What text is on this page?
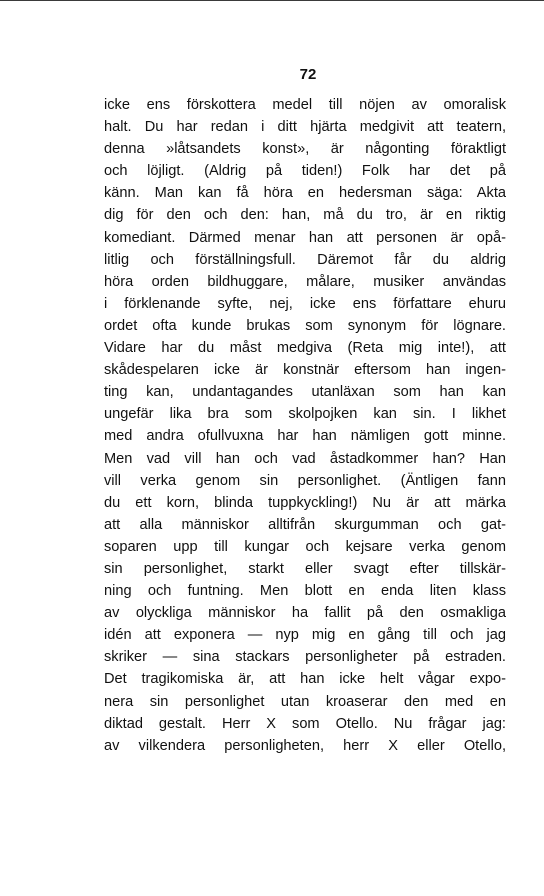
72
icke ens förskottera medel till nöjen av omoralisk
halt. Du har redan i ditt hjärta medgivit att teatern,
denna »låtsandets konst», är någonting föraktligt
och löjligt. (Aldrig på tiden!) Folk har det på
känn. Man kan få höra en hedersman säga: Akta
dig för den och den: han, må du tro, är en riktig
komediant. Därmed menar han att personen är opå-
litlig och förställningsfull. Däremot får du aldrig
höra orden bildhuggare, målare, musiker användas
i förklenande syfte, nej, icke ens författare ehuru
ordet ofta kunde brukas som synonym för lögnare.
Vidare har du måst medgiva (Reta mig inte!), att
skådespelaren icke är konstnär eftersom han ingen-
ting kan, undantagandes utanläxan som han kan
ungefär lika bra som skolpojken kan sin. I likhet
med andra ofullvuxna har han nämligen gott minne.
Men vad vill han och vad åstadkommer han? Han
vill verka genom sin personlighet. (Äntligen fann
du ett korn, blinda tuppkyckling!) Nu är att märka
att alla människor alltifrån skurgumman och gat-
soparen upp till kungar och kejsare verka genom
sin personlighet, starkt eller svagt efter tillskär-
ning och funtning. Men blott en enda liten klass
av olyckliga människor ha fallit på den osmakliga
idén att exponera — nyp mig en gång till och jag
skriker — sina stackars personligheter på estraden.
Det tragikomiska är, att han icke helt vågar expo-
nera sin personlighet utan kroaserar den med en
diktad gestalt. Herr X som Otello. Nu frågar jag:
av vilkendera personligheten, herr X eller Otello,
